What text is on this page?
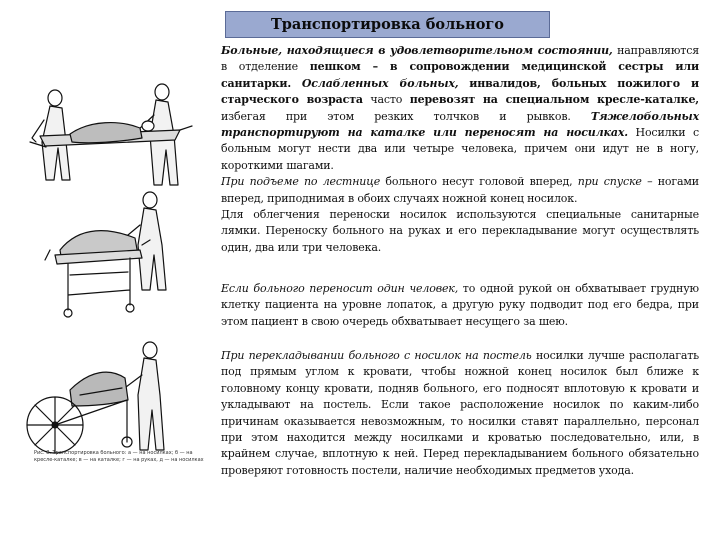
Транспортировка больного
Рис. 8. Транспортировка больного: а — на носилках; б — на кресле-каталке; в — на каталке; г — на руках, д — на носилках

Больные, находящиеся в удовлетворительном состоянии, направляются в отделение пешком – в сопровождении медицинской сестры или санитарки. Ослабленных больных, инвалидов, больных пожилого и старческого возраста часто перевозят на специальном кресле-каталке, избегая при этом резких толчков и рывков. Тяжелобольных транспортируют на каталке или переносят на носилках. Носилки с больным могут нести два или четыре человека, причем они идут не в ногу, короткими шагами.
При подъеме по лестнице больного несут головой вперед, при спуске – ногами вперед, приподнимая в обоих случаях ножной конец носилок.
Для облегчения переноски носилок используются специальные санитарные лямки. Переноску больного на руках и его перекладывание могут осуществлять один, два или три человека.

Если больного переносит один человек, то одной рукой он обхватывает грудную клетку пациента на уровне лопаток, а другую руку подводит под его бедра, при этом пациент в свою очередь обхватывает несущего за шею.

При перекладывании больного с носилок на постель носилки лучше располагать под прямым углом к кровати, чтобы ножной конец носилок был ближе к головному концу кровати, подняв больного, его подносят вплотовую к кровати и укладывают на постель. Если такое расположение носилок по каким-либо причинам оказывается невозможным, то носилки ставят параллельно, персонал при этом находится между носилками и кроватью последовательно, или, в крайнем случае, вплотную к ней. Перед перекладыванием больного обязательно проверяют готовность постели, наличие необходимых предметов ухода.
